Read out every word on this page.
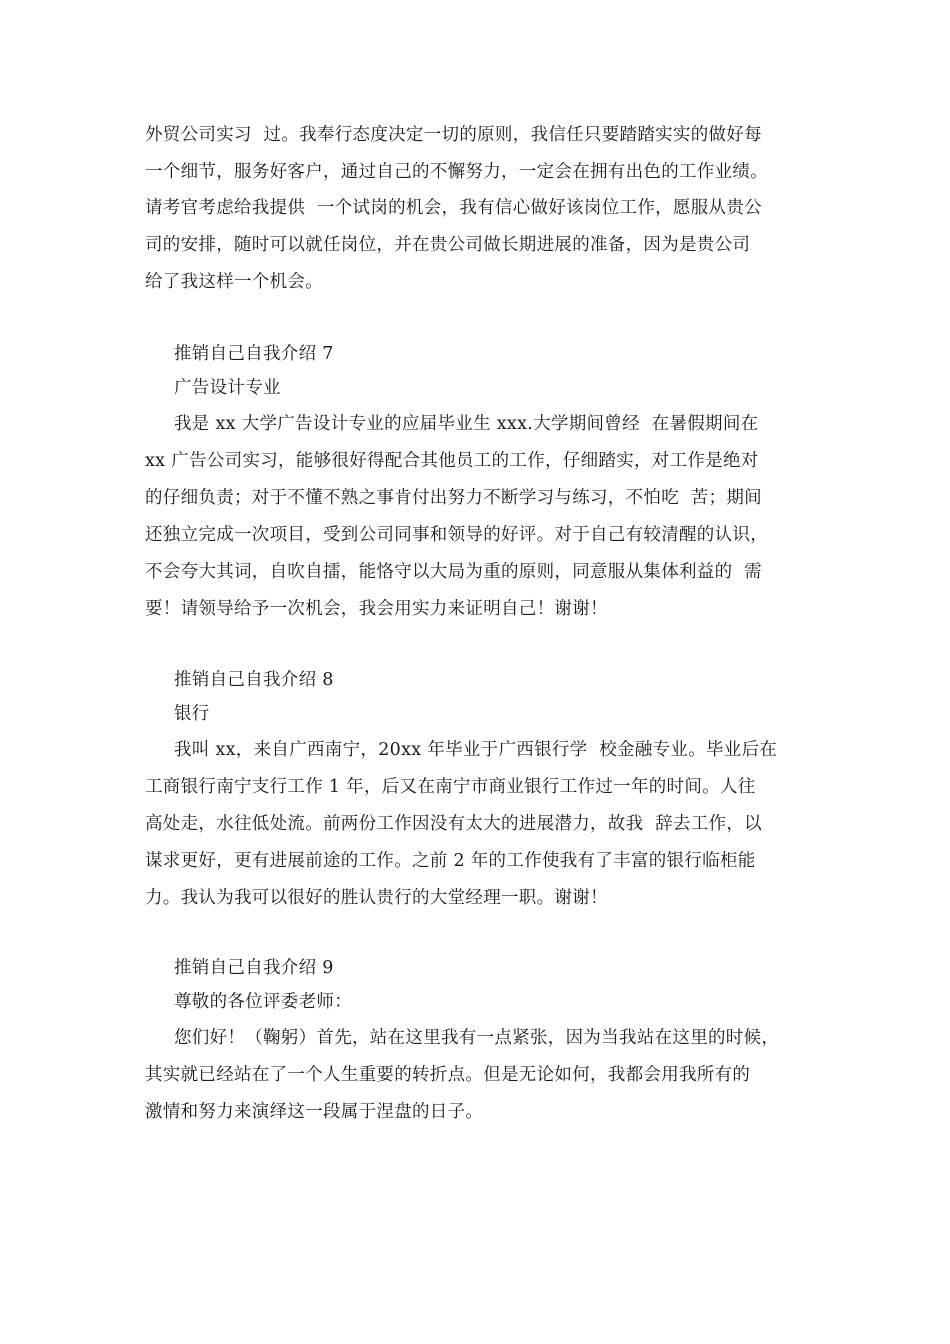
外贸公司实习  过。我奉行态度决定一切的原则，我信任只要踏踏实实的做好每
一个细节，服务好客户，通过自己的不懈努力，一定会在拥有出色的工作业绩。
请考官考虑给我提供  一个试岗的机会，我有信心做好该岗位工作，愿服从贵公
司的安排，随时可以就任岗位，并在贵公司做长期进展的准备，因为是贵公司
给了我这样一个机会。
推销自己自我介绍 7
广告设计专业
我是 xx 大学广告设计专业的应届毕业生 xxx.大学期间曾经  在暑假期间在
xx 广告公司实习，能够很好得配合其他员工的工作，仔细踏实，对工作是绝对
的仔细负责；对于不懂不熟之事肯付出努力不断学习与练习，不怕吃  苦；期间
还独立完成一次项目，受到公司同事和领导的好评。对于自己有较清醒的认识，
不会夸大其词，自吹自擂，能恪守以大局为重的原则，同意服从集体利益的  需
要！请领导给予一次机会，我会用实力来证明自己！谢谢！
推销自己自我介绍 8
银行
我叫 xx，来自广西南宁，20xx 年毕业于广西银行学  校金融专业。毕业后在
工商银行南宁支行工作 1 年，后又在南宁市商业银行工作过一年的时间。人往
高处走，水往低处流。前两份工作因没有太大的进展潜力，故我  辞去工作，以
谋求更好，更有进展前途的工作。之前 2 年的工作使我有了丰富的银行临柜能
力。我认为我可以很好的胜认贵行的大堂经理一职。谢谢！
推销自己自我介绍 9
尊敬的各位评委老师：
您们好！（鞠躬）首先，站在这里我有一点紧张，因为当我站在这里的时候，
其实就已经站在了一个人生重要的转折点。但是无论如何，我都会用我所有的
激情和努力来演绎这一段属于涅盘的日子。
